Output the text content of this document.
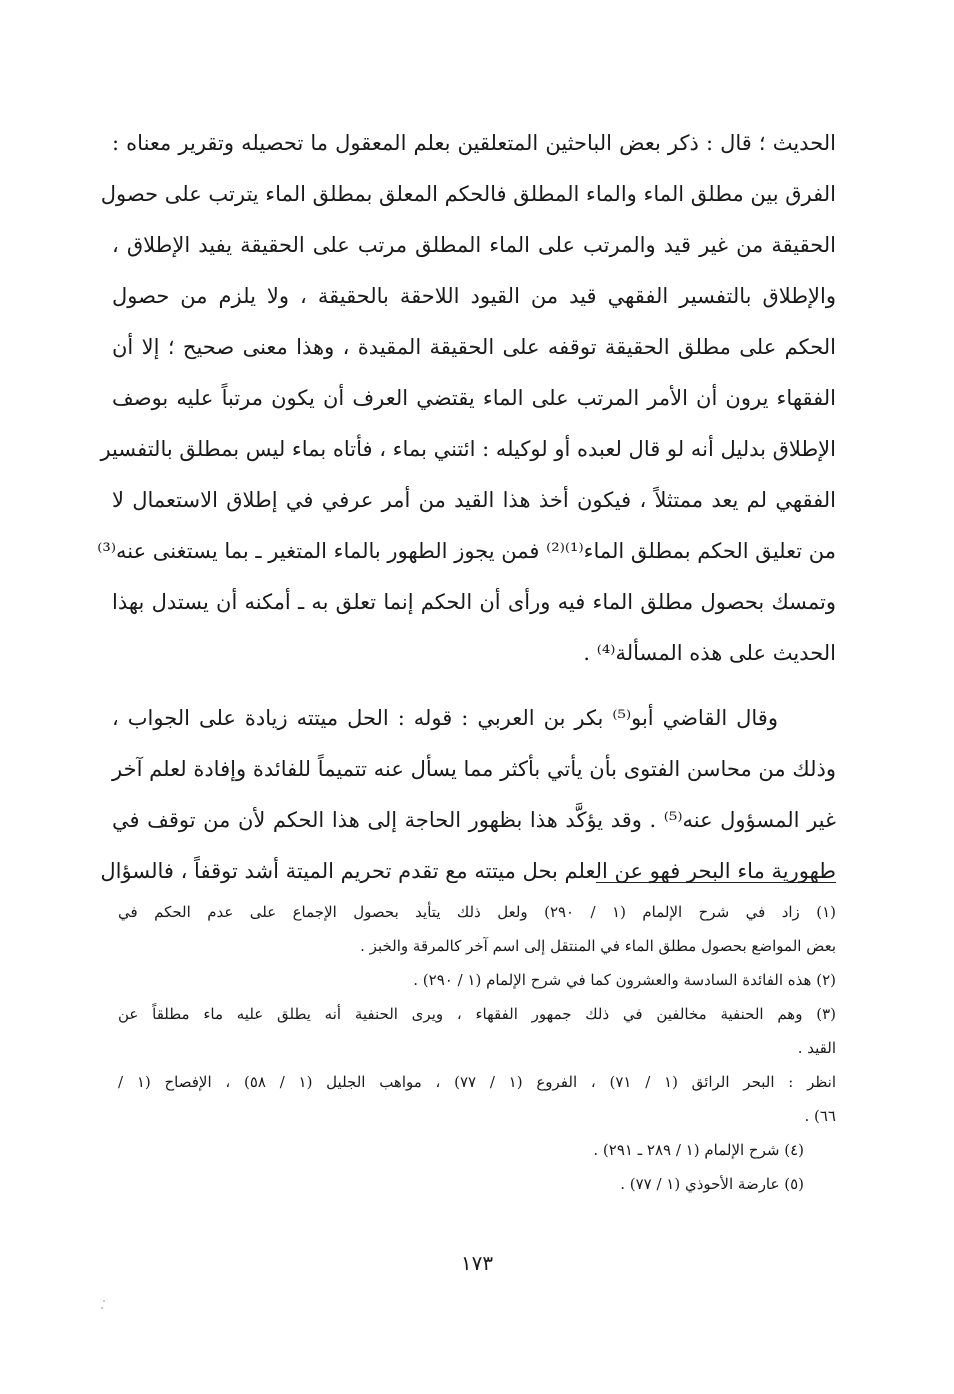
الحديث ؛ قال : ذكر بعض الباحثين المتعلقين بعلم المعقول ما تحصيله وتقرير معناه :
الفرق بين مطلق الماء والماء المطلق فالحكم المعلق بمطلق الماء يترتب على حصول
الحقيقة من غير قيد والمرتب على الماء المطلق مرتب على الحقيقة يفيد الإطلاق ،
والإطلاق بالتفسير الفقهي قيد من القيود اللاحقة بالحقيقة ، ولا يلزم من حصول
الحكم على مطلق الحقيقة توقفه على الحقيقة المقيدة ، وهذا معنى صحيح ؛ إلا أن
الفقهاء يرون أن الأمر المرتب على الماء يقتضي العرف أن يكون مرتباً عليه بوصف
الإطلاق بدليل أنه لو قال لعبده أو لوكيله : ائتني بماء ، فأتاه بماء ليس بمطلق بالتفسير
الفقهي لم يعد ممتثلاً ، فيكون أخذ هذا القيد من أمر عرفي في إطلاق الاستعمال لا
من تعليق الحكم بمطلق الماء⁽¹⁾⁽²⁾ فمن يجوز الطهور بالماء المتغير ـ بما يستغنى عنه⁽³⁾
وتمسك بحصول مطلق الماء فيه ورأى أن الحكم إنما تعلق به ـ أمكنه أن يستدل بهذا
الحديث على هذه المسألة⁽⁴⁾ .
وقال القاضي أبو⁽⁵⁾ بكر بن العربي : قوله : الحل ميتته زيادة على الجواب ،
وذلك من محاسن الفتوى بأن يأتي بأكثر مما يسأل عنه تتميماً للفائدة وإفادة لعلم آخر
غير المسؤول عنه⁽⁵⁾ . وقد يؤكَّد هذا بظهور الحاجة إلى هذا الحكم لأن من توقف في
طهورية ماء البحر فهو عن العلم بحل ميتته مع تقدم تحريم الميتة أشد توقفاً ، فالسؤال
(١) زاد في شرح الإلمام (١ / ٢٩٠) ولعل ذلك يتأيد بحصول الإجماع على عدم الحكم في
بعض المواضع بحصول مطلق الماء في المنتقل إلى اسم آخر كالمرقة والخبز .
(٢) هذه الفائدة السادسة والعشرون كما في شرح الإلمام (١ / ٢٩٠) .
(٣) وهم الحنفية مخالفين في ذلك جمهور الفقهاء ، ويرى الحنفية أنه يطلق عليه ماء مطلقاً عن
القيد .
انظر : البحر الرائق (١ / ٧١) ، الفروع (١ / ٧٧) ، مواهب الجليل (١ / ٥٨) ، الإفصاح (١ /
٦٦) .
(٤) شرح الإلمام (١ / ٢٨٩ ـ ٢٩١) .
(٥) عارضة الأحوذي (١ / ٧٧) .
١٧٣
